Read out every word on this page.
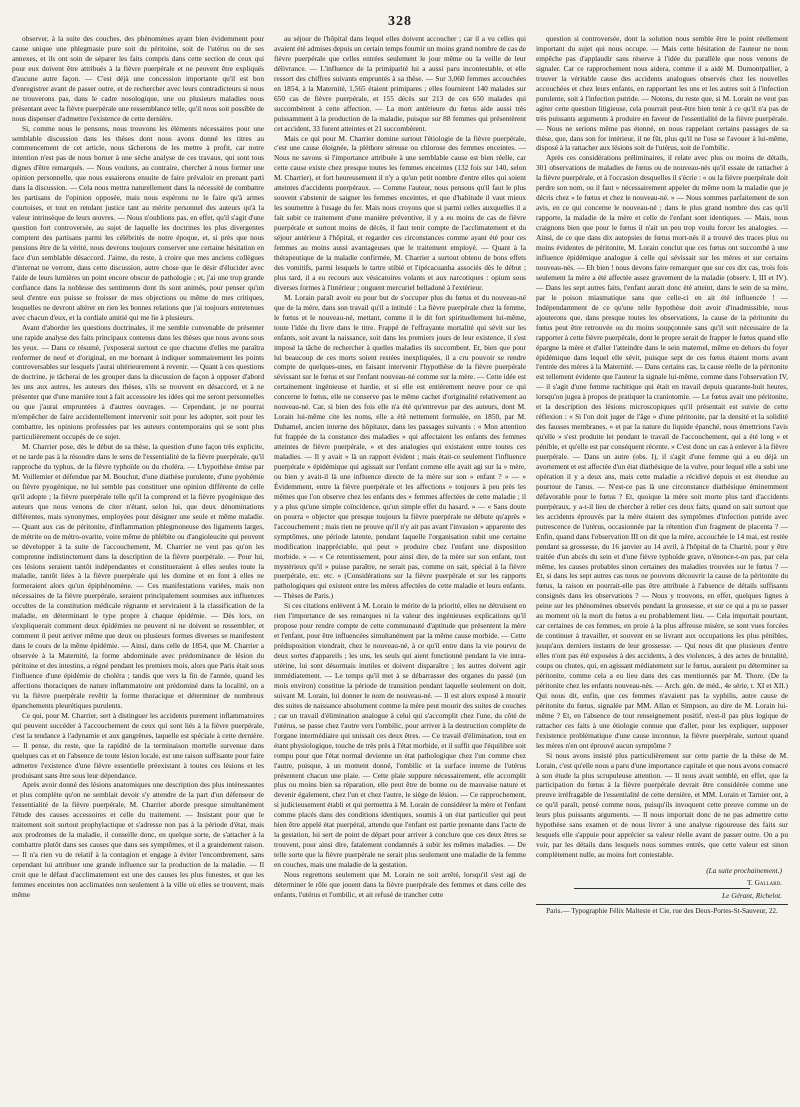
328

observer, à la suite des couches, des phénomènes ayant bien évidemment pour cause unique une phlegmasie pure soit du péritoine, soit de l'utérus ou de ses annexes, et ils ont soin de séparer les faits compris dans cette section de ceux qui pour eux doivent être attribués à la fièvre puerpérale et ne peuvent être expliqués d'aucune autre façon. — C'est déjà une concession importante qu'il est bon d'enregistrer avant de passer outre, et de rechercher avec leurs contradicteurs si nous ne trouverons pas, dans le cadre nosologique, une ou plusieurs maladies nous présentant avec la fièvre puerpérale une ressemblance telle, qu'il nous soit possible de nous dispenser d'admettre l'existence de cette dernière.

Si, comme nous le pensons, nous trouvons les éléments nécessaires pour une semblable discussion dans les thèses dont nous avons donné les titres au commencement de cet article, nous tâcherons de les mettre à profit, car notre intention n'est pas de nous borner à une sèche analyse de ces travaux, qui sont tous dignes d'être remarqués. — Nous voulons, au contraire, chercher à nous former une opinion personnelle, que nous essaierons ensuite de faire prévaloir en prenant parti dans la discussion. — Cela nous mettra naturellement dans la nécessité de combattre les partisans de l'opinion opposée, mais nous espérons ne le faire qu'à armes courtoises, et tout en rendant justice tant au mérite personnel des auteurs qu'à la valeur intrinsèque de leurs œuvres. — Nous n'oublions pas, en effet, qu'il s'agit d'une question fort controversée, au sujet de laquelle les doctrines les plus divergentes comptent des partisans parmi les célébrités de notre époque, et, si près que nous pensions être de la vérité, nous devrons toujours conserver une certaine hésitation en face d'un semblable désaccord. J'aime, du reste, à croire que mes anciens collègues d'internat ne verront, dans cette discussion, autre chose que le désir d'élucider avec l'aide de leurs lumières un point encore obscur de pathologie ; et, j'ai une trop grande confiance dans la noblesse des sentiments dont ils sont animés, pour penser qu'un seul d'entre eux puisse se froisser de mes objections ou même de mes critiques, lesquelles ne devront altérer en rien les bonnes relations que j'ai toujours entretenues avec chacun d'eux, et la cordiale amitié qui me lie à plusieurs.

Avant d'aborder les questions doctrinales, il me semble convenable de présenter une rapide analyse des faits principaux contenus dans les thèses que nous avons sous les yeux. — Dans ce résumé, j'exposerai surtout ce que chacune d'elles me paraîtra renfermer de neuf et d'original, en me bornant à indiquer sommairement les points controversables sur lesquels j'aurai ultérieurement à revenir. — Quant à ces questions de doctrine, je tâcherai de les grouper dans la discussion de façon à opposer d'abord les uns aux autres, les auteurs des thèses, s'ils se trouvent en désaccord, et à ne présenter que d'une manière tout à fait accessoire les idées qui me seront personnelles ou que j'aurai empruntées à d'autres ouvrages. — Cependant, je ne pourrai m'empêcher de faire accidentellement intervenir soit pour les adopter, soit pour les combattre, les opinions professées par les auteurs contemporains qui se sont plus particulièrement occupés de ce sujet.

M. Charrier pose, dès le début de sa thèse, la question d'une façon très explicite, et ne tarde pas à la résoudre dans le sens de l'essentialité de la fièvre puerpérale, qu'il rapproche du typhus, de la fièvre typhoïde ou du choléra. — L'hypothèse émise par M. Voillemier et défendue par M. Bouchut, d'une diathèse purulente, d'une pyohémie ou fièvre pyogénique, ne lui semble pas constituer une opinion différente de celle qu'il adopte ; la fièvre puerpérale telle qu'il la comprend et la fièvre pyogénique des auteurs que nous venons de citer n'étant, selon lui, que deux dénominations différentes, mais synonymes, employées pour désigner une seule et même maladie. — Quant aux cas de péritonite, d'inflammation phlegmoneuse des ligaments larges, de métrite ou de métro-ovarite, voire même de phlébite ou d'angioleucite qui peuvent se développer à la suite de l'accouchement, M. Charrier ne veut pas qu'on les comprenne indistinctement dans la description de la fièvre puerpérale. — Pour lui, ces lésions seraient tantôt indépendantes et constitueraient à elles seules toute la maladie, tantôt liées à la fièvre puerpérale qui les domine et en font à elles ne formeraient alors qu'un épiphénomène. — Ces manifestations variées, mais non nécessaires de la fièvre puerpérale, seraient principalement soumises aux influences occultes de la constitution médicale régnante et serviraient à la classification de la maladie, en déterminant le type propre à chaque épidémie. — Dès lors, on s'expliquerait comment deux épidémies ne peuvent ni ne doivent se ressembler, et comment il peut arriver même que deux ou plusieurs formes diverses se manifestent dans le cours de la même épidémie. — Ainsi, dans celle de 1854, que M. Charrier a observée à la Maternité, la forme abdominale avec prédominance de lésion du péritoine et des intestins, a régné pendant les premiers mois, alors que Paris était sous l'influence d'une épidémie de choléra ; tandis que vers la fin de l'année, quand les affections thoraciques de nature inflammatoire ont prédominé dans la localité, on a vu la fièvre puerpérale revêtir la forme thoracique et déterminer de nombreux épanchements pleurétiques purulents.

Ce qui, pour M. Charrier, sert à distinguer les accidents purement inflammatoires qui peuvent succéder à l'accouchement de ceux qui sont liés à la fièvre puerpérale, c'est la tendance à l'adynamie et aux gangrènes, laquelle est spéciale à cette dernière. — Il pense, du reste, que la rapidité de la terminaison mortelle survenue dans quelques cas et en l'absence de toute lésion locale, est une raison suffisante pour faire admettre l'existence d'une fièvre essentielle préexistant à toutes ces lésions et les produisant sans être sous leur dépendance.

Après avoir donné des lésions anatomiques une description des plus intéressantes et plus complète qu'on ne semblait devoir s'y attendre de la part d'un défenseur de l'essentialité de la fièvre puerpérale, M. Charrier aborde presque simultanément l'étude des causes accessoires et celle du traitement. — Insistant pour que le traitement soit surtout prophylactique et s'adresse non pas à la période d'état, mais aux prodromes de la maladie, il conseille donc, en quelque sorte, de s'attacher à la combattre plutôt dans ses causes que dans ses symptômes, et il a grandement raison. — Il n'a rien vu de relatif à la contagion et engage à éviter l'encombrement, sans cependant lui attribuer une grande influence sur la production de la maladie. — Il croit que le défaut d'acclimatement est une des causes les plus funestes, et que les femmes enceintes non acclimatées non seulement à la ville où elles se trouvent, mais même

au séjour de l'hôpital dans lequel elles doivent accoucher ; car il a vu celles qui avaient été admises depuis un certain temps fournir un moins grand nombre de cas de fièvre puerpérale que celles entrées seulement le jour même ou la veille de leur délivrance. — L'influence de la primiparité lui a aussi paru incontestable, et elle ressort des chiffres suivants empruntés à sa thèse. — Sur 3,060 femmes accouchées en 1854, à la Maternité, 1,565 étaient primipares ; elles fournirent 140 malades sur 650 cas de fièvre puerpérale, et 155 décès sur 213 de ces 650 malades qui succombèrent à cette affection. — La mort antérieure du fœtus aide aussi très puissamment à la production de la maladie, puisque sur 88 femmes qui présentèrent cet accident, 33 furent atteintes et 21 succombèrent.

Mais ce qui pour M. Charrier domine surtout l'étiologie de la fièvre puerpérale, c'est une cause éloignée, la pléthore séreuse ou chlorose des femmes enceintes. — Nous ne savons si l'importance attribuée à une semblable cause est bien réelle, car cette cause existe chez presque toutes les femmes enceintes (132 fois sur 140, selon M. Charrier), et fort heureusement il n'y a qu'un petit nombre d'entre elles qui soient atteintes d'accidents puerpéraux. — Comme l'auteur, nous pensons qu'il faut le plus souvent s'abstenir de saigner les femmes enceintes, et que d'habitude il vaut mieux les soumettre à l'usage du fer. Mais nous croyons que si parmi celles auxquelles il a fait subir ce traitement d'une manière préventive, il y a eu moins de cas de fièvre puerpérale et surtout moins de décès, il faut tenir compte de l'acclimatement et du séjour antérieur à l'hôpital, et regarder ces circonstances comme ayant été pour ces femmes au moins aussi avantageuses que le traitement employé. — Quant à la thérapeutique de la maladie confirmée, M. Charrier a surtout obtenu de bons effets des vomitifs, parmi lesquels le tartre stibié et l'ipécacuanha associés dès le début ; plus tard, il a eu recours aux vésicatoires volants et aux narcotiques : opium sous diverses formes à l'intérieur ; onguent mercuriel belladoné à l'extérieur.

M. Lorain paraît avoir eu pour but de s'occuper plus du fœtus et du nouveau-né que de la mère, dans son travail qu'il a intitulé : La fièvre puerpérale chez la femme, le fœtus et le nouveau-né, mettant, comme il le dit fort spirituellement lui-même, toute l'idée du livre dans le titre. Frappé de l'effrayante mortalité qui sévit sur les enfants, soit avant la naissance, soit dans les premiers jours de leur existence, il s'est imposé la tâche de rechercher à quelles maladies ils succombent. Et, bien que pour lui beaucoup de ces morts soient restées inexpliquées, il a cru pouvoir se rendre compte de quelques-unes, en faisant intervenir l'hypothèse de la fièvre puerpérale sévissant sur le fœtus et sur l'enfant nouveau-né comme sur la mère. — Cette idée est certainement ingénieuse et hardie, et si elle est entièrement neuve pour ce qui concerne le fœtus, elle ne conserve pas le même cachet d'originalité relativement au nouveau-né. Car, si bien des fois elle n'a été qu'entrevue par des auteurs, dont M. Lorain lui-même cite les noms, elle a été nettement formulée, en 1850, par M. Duhamel, ancien interne des hôpitaux, dans les passages suivants : « Mon attention fut frappée de la constance des maladies » qui affectaient les enfants des femmes atteintes de fièvre puerpérale, » et des analogies qui existaient entre toutes ces maladies. — Il y avait » là un rapport évident ; mais était-ce seulement l'influence puerpérale » épidémique qui agissait sur l'enfant comme elle avait agi sur la » mère, ou bien y avait-il là une influence directe de la mère sur son » enfant ? » — » Évidemment, entre la fièvre puerpérale et les affections » toujours à peu près les mêmes que l'on observe chez les enfants des » femmes affectées de cette maladie ; il y a plus qu'une simple coïncidence, qu'un simple effet du hasard. » — « Sans doute on pourra » objecter que presque toujours la fièvre puerpérale ne débute qu'après » l'accouchement ; mais rien ne prouve qu'il n'y ait pas avant l'invasion » apparente des symptômes, une période latente, pendant laquelle l'organisation subit une certaine modification inappréciable, qui peut » produire chez l'enfant une disposition morbide. » — « Ce retentissement, pour ainsi dire, de la mère sur son enfant, tout mystérieux qu'il » puisse paraître, ne serait pas, comme on sait, spécial à la fièvre puerpérale, etc. etc. » (Considérations sur la fièvre puerpérale et sur les rapports pathologiques qui existent entre les mères affectées de cette maladie et leurs enfants. — Thèses de Paris.)

Si ces citations enlèvent à M. Lorain le mérite de la priorité, elles ne détruisent en rien l'importance de ses remarques ni la valeur des ingénieuses explications qu'il propose pour rendre compte de cette communauté d'aptitude que présentent la mère et l'enfant, pour être influencées simultanément par la même cause morbide. — Cette prédisposition viendrait, chez le nouveau-né, à ce qu'il entre dans la vie pourvu de deux sortes d'appareils ; les uns, les seuls qui aient fonctionné pendant la vie intra-utérine, lui sont désormais inutiles et doivent disparaître ; les autres doivent agir immédiatement. — Le temps qu'il met à se débarrasser des organes du passé (un mois environ) constitue la période de transition pendant laquelle seulement on doit, suivant M. Lorain, lui donner le nom de nouveau-né. — Il est alors exposé à mourir des suites de naissance absolument comme la mère peut mourir des suites de couches ; car un travail d'élimination analogue à celui qui s'accomplit chez l'une, du côté de l'utérus, se passe chez l'autre vers l'ombilic, pour arriver à la destruction complète de l'organe intermédiaire qui unissait ces deux êtres. — Ce travail d'élimination, tout en étant physiologique, touche de très près à l'état morbide, et il suffit que l'équilibre soit rompu pour que l'état normal devienne un état pathologique chez l'un comme chez l'autre, puisque, à un moment donné, l'ombilic et la surface interne de l'utérus présentent chacun une plaie. — Cette plaie suppure nécessairement, elle accomplit plus ou moins bien sa réparation, elle peut être de bonne ou de mauvaise nature et devenir également, chez l'un et chez l'autre, le siège de lésion. — Ce rapprochement, si judicieusement établi et qui permettra à M. Lorain de considérer la mère et l'enfant comme placés dans des conditions identiques, soumis à un état particulier qui peut bien être appelé état puerpéral, attendu que l'enfant est partie prenante dans l'acte de la gestation, lui sert de point de départ pour arriver à conclure que ces deux êtres se trouvent, pour ainsi dire, fatalement condamnés à subir les mêmes maladies. — De telle sorte que la fièvre puerpérale ne serait plus seulement une maladie de la femme en couches, mais une maladie de la gestation.

Nous regrettons seulement que M. Lorain ne soit arrêté, lorsqu'il s'est agi de déterminer le rôle que jouent dans la fièvre puerpérale des femmes et dans celle des enfants, l'utérus et l'ombilic, et ait refusé de trancher cette

question si controversée, dont la solution nous semble être le point réellement important du sujet qui nous occupe. — Mais cette hésitation de l'auteur ne nous empêche pas d'applaudir sans réserve à l'idée du parallèle que nous venons de signaler. Car ce rapprochement nous aidera, comme il a aidé M. Dumontpallier, à trouver la véritable cause des accidents analogues observés chez les nouvelles accouchées et chez leurs enfants, en rapportant les uns et les autres soit à l'infection purulente, soit à l'infection putride. — Notons, du reste que, si M. Lorain ne veut pas agiter cette question litigieuse, cela pourrait peut-être bien tenir à ce qu'il n'a pas de très puissants arguments à produire en faveur de l'essentialité de la fièvre puerpérale. — Nous ne serions même pas étonné, en nous rappelant certains passages de sa thèse, que, dans son for intérieur, il ne fût, plus qu'il ne l'ose se l'avouer à lui-même, disposé à la rattacher aux lésions soit de l'utérus, soit de l'ombilic.

Après ces considérations préliminaires, il relate avec plus ou moins de détails, 301 observations de maladies de fœtus ou de nouveau-nés qu'il essaie de rattacher à la fièvre puerpérale, et à l'occasion desquelles il s'écrie : « ou la fièvre puerpérale doit perdre son nom, ou il faut » nécessairement appeler du même nom la maladie que je décris chez » le fœtus et chez le nouveau-né. » — Nous sommes parfaitement de son avis, en ce qui concerne le nouveau-né ; dans le plus grand nombre des cas qu'il rapporte, la maladie de la mère et celle de l'enfant sont identiques. — Mais, nous craignons bien que pour le fœtus il n'ait un peu trop voulu forcer les analogies. — Ainsi, de ce que dans dix autopsies de fœtus mort-nés il a trouvé des traces plus ou moins évidentes de péritonite, M. Lorain conclut que ces fœtus ont succombé à une influence épidémique analogue à celle qui sévissait sur les mères et sur certains nouveau-nés. — Eh bien ! nous devons faire remarquer que sur ces dix cas, trois fois seulement la mère a été affectée assez gravement de la maladie (observ. I, III et IV). — Dans les sept autres faits, l'enfant aurait donc été atteint, dans le sein de sa mère, par le poison miasmatique sans que celle-ci en ait été influencée ! — Indépendamment de ce qu'une telle hypothèse doit avoir d'inadmissible, nous ajouterons que, dans presque toutes les observations, la cause de la péritonite du fœtus peut être retrouvée ou du moins soupçonnée sans qu'il soit nécessaire de la rapporter à cette fièvre puerpérale, dont le propre serait de frapper le fœtus quand elle épargne la mère et d'aller l'atteindre dans le sein maternel, même en dehors du foyer épidémique dans lequel elle sévit, puisque sept de ces fœtus étaient morts avant l'entrée des mères à la Maternité. — Dans certains cas, la cause réelle de la péritonite est tellement évidente que l'auteur la signale lui-même, comme dans l'observation IV, — il s'agit d'une femme rachitique qui était en travail depuis quarante-huit heures, lorsqu'on jugea à propos de pratiquer la craniotomie. — Le fœtus avait une péritonite, et la description des lésions microscopiques qu'il présentait est suivie de cette réflexion : « Si l'on doit juger de l'âge » d'une péritonite, par la densité et la solidité des fausses membranes, » et par la nature du liquide épanché, nous émettrions l'avis qu'elle » s'est produite lei pendant le travail de l'accouchement, qui a été long » et pénible, et qu'elle est par conséquent récente. » C'est donc un cas à enlever à la fièvre puerpérale. — Dans un autre (obs. I), il s'agit d'une femme qui a eu déjà un avortement et est affectée d'un état diathésique de la vulve, pour lequel elle a subi une opération il y a deux ans, mais cette maladie a récidivé depuis et est étendue au pourtour de l'anus. — N'est-ce pas là une circonstance diathésique éminemment défavorable pour le fœtus ? Et, quoique la mère soit morte plus tard d'accidents puerpéraux, y a-t-il lieu de chercher à relier ces deux faits, quand on sait surtout que les accidents éprouvés par la mère étaient des symptômes d'infection putride avec putrescence de l'utérus, occasionnée par la rétention d'un fragment de placenta ? — Enfin, quand dans l'observation III on dit que la mère, accouchée le 14 mai, est restée pendant sa grossesse, du 16 janvier au 14 avril, à l'hôpital de la Charité, pour y être traitée d'un abcès du sein et d'une fièvre typhoïde grave, n'énonce-t-on pas, par cela même, les causes probables sinon certaines des maladies trouvées sur le fœtus ? — Et, si dans les sept autres cas nous ne pouvons découvrir la cause de la péritonite du fœtus, la raison en pourrait-elle pas être attribuée à l'absence de détails suffisants consignés dans les observations ? — Nous y trouvons, en effet, quelques lignes à peine sur les phénomènes observés pendant la grossesse, et sur ce qui a pu se passer au moment où la mort du fœtus a eu probablement lieu. — Cela importait pourtant, car certaines de ces femmes, en proie à la plus affreuse misère, se sont vues forcées de continuer à travailler, et souvent en se livrant aux occupations les plus pénibles, jusqu'aux derniers instants de leur grossesse. — Qui nous dit que plusieurs d'entre elles n'ont pas été exposées à des accidents, à des violences, à des actes de brutalité, coups ou chutes, qui, en agissant médiatement sur le fœtus, auraient pu déterminer sa péritonite, comme cela a eu lieu dans des cas mentionnés par M. Thore. (De la péritonite chez les enfants nouveau-nés. — Arch. gén. de méd., 4e série, t. XI et XII.) Qui nous dit, enfin, que ces femmes n'avaient pas la syphilis, autre cause de péritonite du fœtus, signalée par MM. Allan et Simpson, au dire de M. Lorain lui-même ? Et, en l'absence de tout renseignement positif, n'est-il pas plus logique de rattacher ces faits à une étiologie connue que d'aller, pour les expliquer, supposer l'existence problématique d'une cause inconnue, la fièvre puerpérale, surtout quand les mères n'en ont éprouvé aucun symptôme ?

Si nous avons insisté plus particulièrement sur cette partie de la thèse de M. Lorain, c'est qu'elle nous a paru d'une importance capitale et que nous avons consacré à son étude la plus scrupuleuse attention. — Il nous avait semblé, en effet, que la participation du fœtus à la fièvre puerpérale devrait être considérée comme une preuve irréfragable de l'essentialité de cette dernière, et MM. Lorain et Tarnier ont, à ce qu'il paraît, pensé comme nous, puisqu'ils invoquent cette preuve comme un de leurs plus puissants arguments. — Il nous importait donc de ne pas admettre cette hypothèse sans examen et de nous livrer à une analyse rigoureuse des faits sur lesquels elle s'appuie pour apprécier sa valeur réelle avant de passer outre. On a pu voir, par les détails dans lesquels nous sommes entrés, que cette valeur est sinon complètement nulle, au moins fort contestable.

(La suite prochainement.)
T. Gallard.
Le Gérant, Richelot.
Paris.— Typographie Félix Malteste et Cie, rue des Deux-Portes-St-Sauveur, 22.
